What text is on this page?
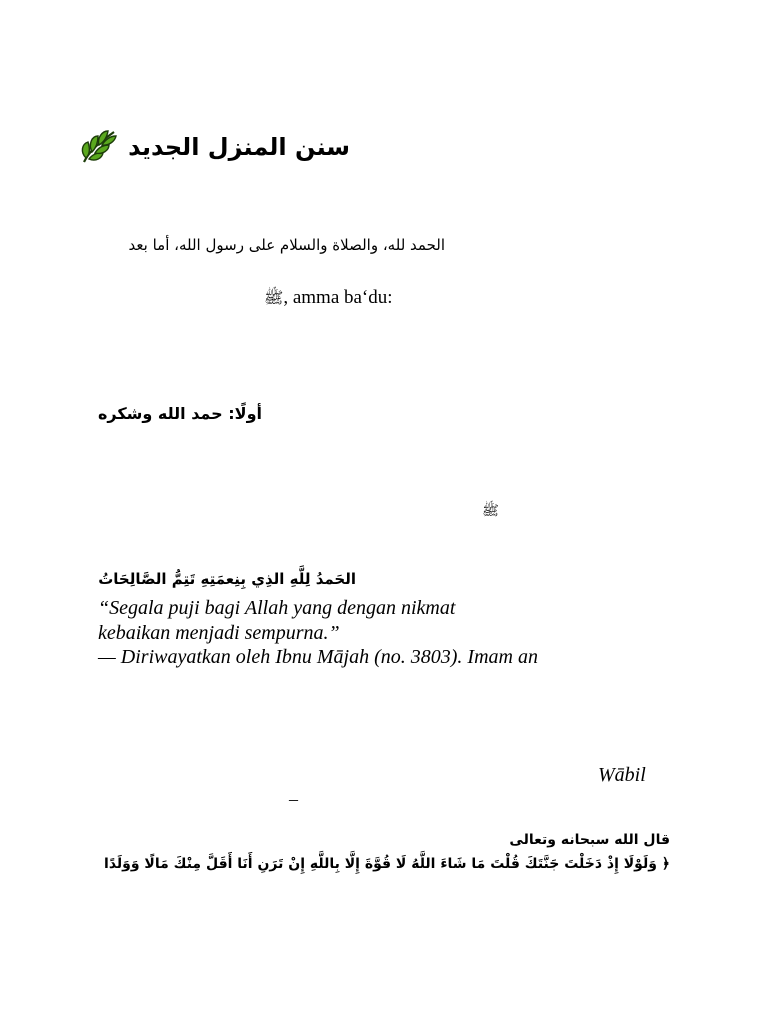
سنن المنزل الجديد
الحمد لله، والصلاة والسلام على رسول الله، أما بعد
ﷺ, amma ba‘du:
أولًا: حمد الله وشكره
ﷺ
الحَمدُ لِلَّهِ الذِي بِنِعمَتِهِ تَتِمُّ الصَّالِحَاتُ
“Segala puji bagi Allah yang dengan nikmat
kebaikan menjadi sempurna.”
— Diriwayatkan oleh Ibnu Mājah (no. 3803). Imam an
Wābil
–
قال الله سبحانه وتعالى
﴿ وَلَوْلَا إِذْ دَخَلْتَ جَنَّتَكَ قُلْتَ مَا شَاءَ اللَّهُ لَا قُوَّةَ إِلَّا بِاللَّهِ إِنْ تَرَنِ أَنَا أَقَلَّ مِنْكَ مَالًا وَوَلَدًا
